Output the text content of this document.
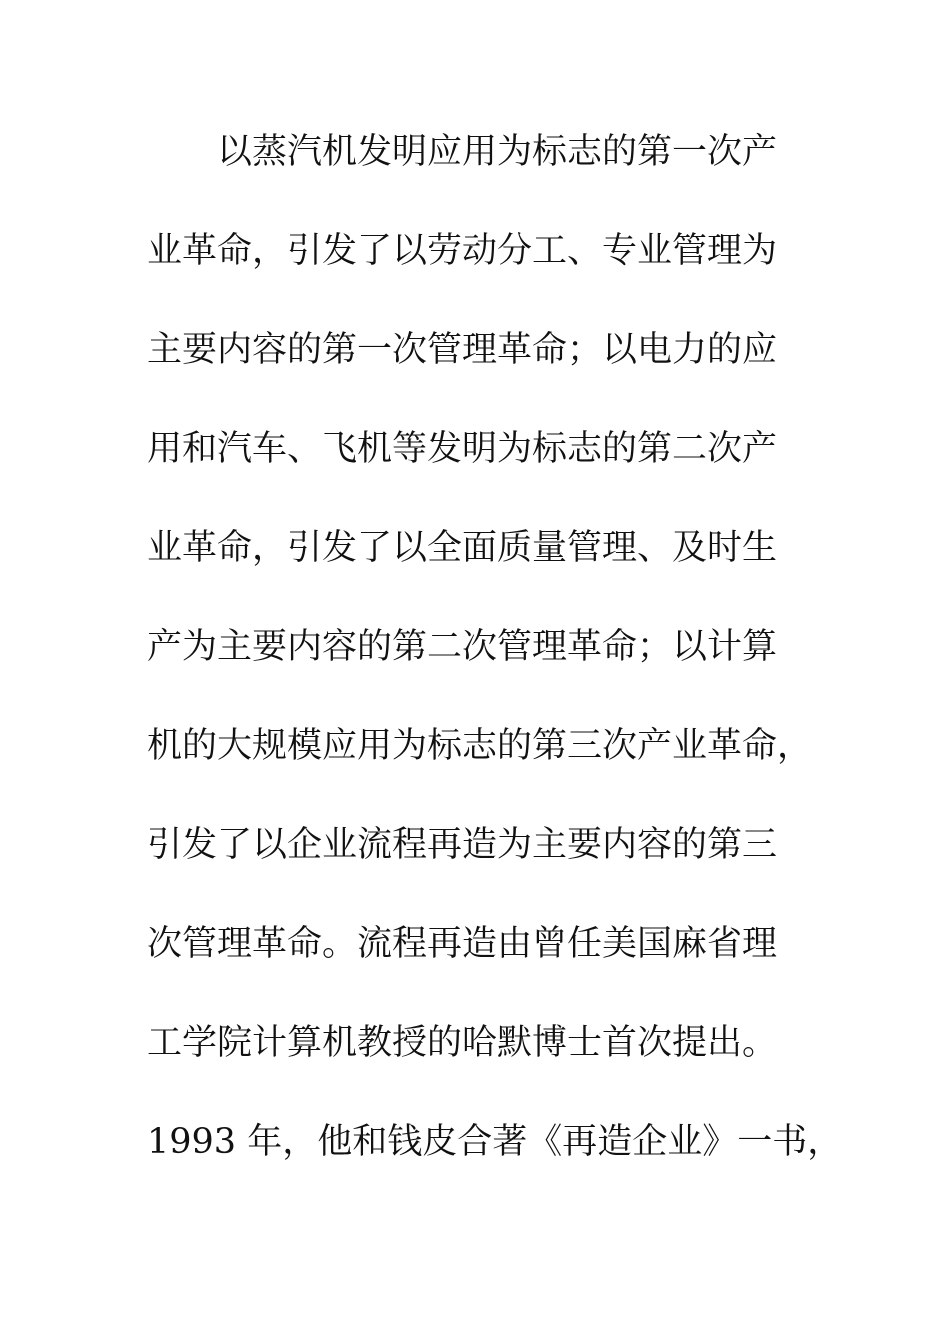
以蒸汽机发明应用为标志的第一次产
业革命，引发了以劳动分工、专业管理为
主要内容的第一次管理革命；以电力的应
用和汽车、飞机等发明为标志的第二次产
业革命，引发了以全面质量管理、及时生
产为主要内容的第二次管理革命；以计算
机的大规模应用为标志的第三次产业革命，
引发了以企业流程再造为主要内容的第三
次管理革命。流程再造由曾任美国麻省理
工学院计算机教授的哈默博士首次提出。
1993 年，他和钱皮合著《再造企业》一书，
